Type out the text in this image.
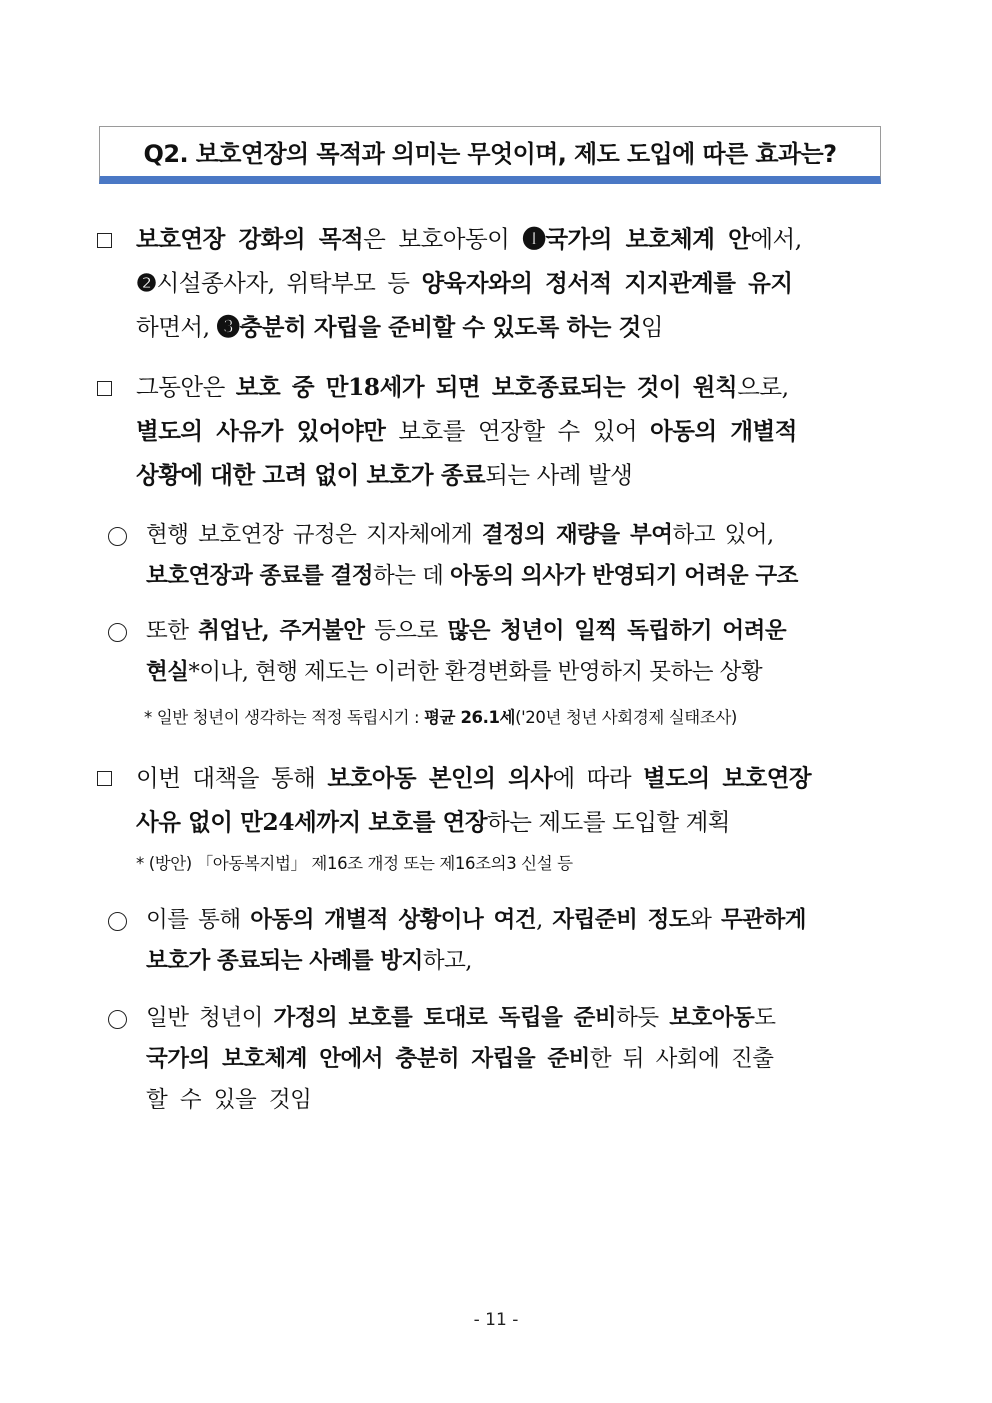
Q2. 보호연장의 목적과 의미는 무엇이며, 제도 도입에 따른 효과는?
보호연장 강화의 목적은 보호아동이 ❶국가의 보호체계 안에서,
❷시설종사자, 위탁부모 등 양육자와의 정서적 지지관계를 유지
하면서, ❸충분히 자립을 준비할 수 있도록 하는 것임
그동안은 보호 중 만18세가 되면 보호종료되는 것이 원칙으로,
별도의 사유가 있어야만 보호를 연장할 수 있어 아동의 개별적
상황에 대한 고려 없이 보호가 종료되는 사례 발생
현행 보호연장 규정은 지자체에게 결정의 재량을 부여하고 있어,
보호연장과 종료를 결정하는 데 아동의 의사가 반영되기 어려운 구조
또한 취업난, 주거불안 등으로 많은 청년이 일찍 독립하기 어려운
현실*이나, 현행 제도는 이러한 환경변화를 반영하지 못하는 상황
* 일반 청년이 생각하는 적정 독립시기 : 평균 26.1세('20년 청년 사회경제 실태조사)
이번 대책을 통해 보호아동 본인의 의사에 따라 별도의 보호연장
사유 없이 만24세까지 보호를 연장하는 제도를 도입할 계획
* (방안) 「아동복지법」 제16조 개정 또는 제16조의3 신설 등
이를 통해 아동의 개별적 상황이나 여건, 자립준비 정도와 무관하게
보호가 종료되는 사례를 방지하고,
일반 청년이 가정의 보호를 토대로 독립을 준비하듯 보호아동도
국가의 보호체계 안에서 충분히 자립을 준비한 뒤 사회에 진출
할 수 있을 것임
- 11 -
